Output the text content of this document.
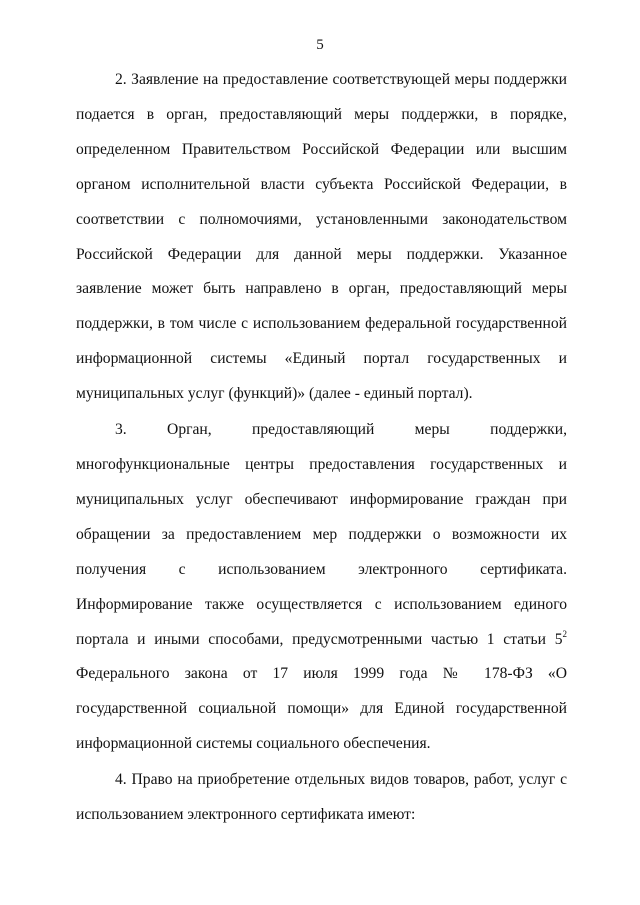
5

2. Заявление на предоставление соответствующей меры поддержки подается в орган, предоставляющий меры поддержки, в порядке, определенном Правительством Российской Федерации или высшим органом исполнительной власти субъекта Российской Федерации, в соответствии с полномочиями, установленными законодательством Российской Федерации для данной меры поддержки. Указанное заявление может быть направлено в орган, предоставляющий меры поддержки, в том числе с использованием федеральной государственной информационной системы «Единый портал государственных и муниципальных услуг (функций)» (далее - единый портал).

3. Орган, предоставляющий меры поддержки, многофункциональные центры предоставления государственных и муниципальных услуг обеспечивают информирование граждан при обращении за предоставлением мер поддержки о возможности их получения с использованием электронного сертификата. Информирование также осуществляется с использованием единого портала и иными способами, предусмотренными частью 1 статьи $5^2$ Федерального закона от 17 июля 1999 года № 178-ФЗ «О государственной социальной помощи» для Единой государственной информационной системы социального обеспечения.

4. Право на приобретение отдельных видов товаров, работ, услуг с использованием электронного сертификата имеют:
